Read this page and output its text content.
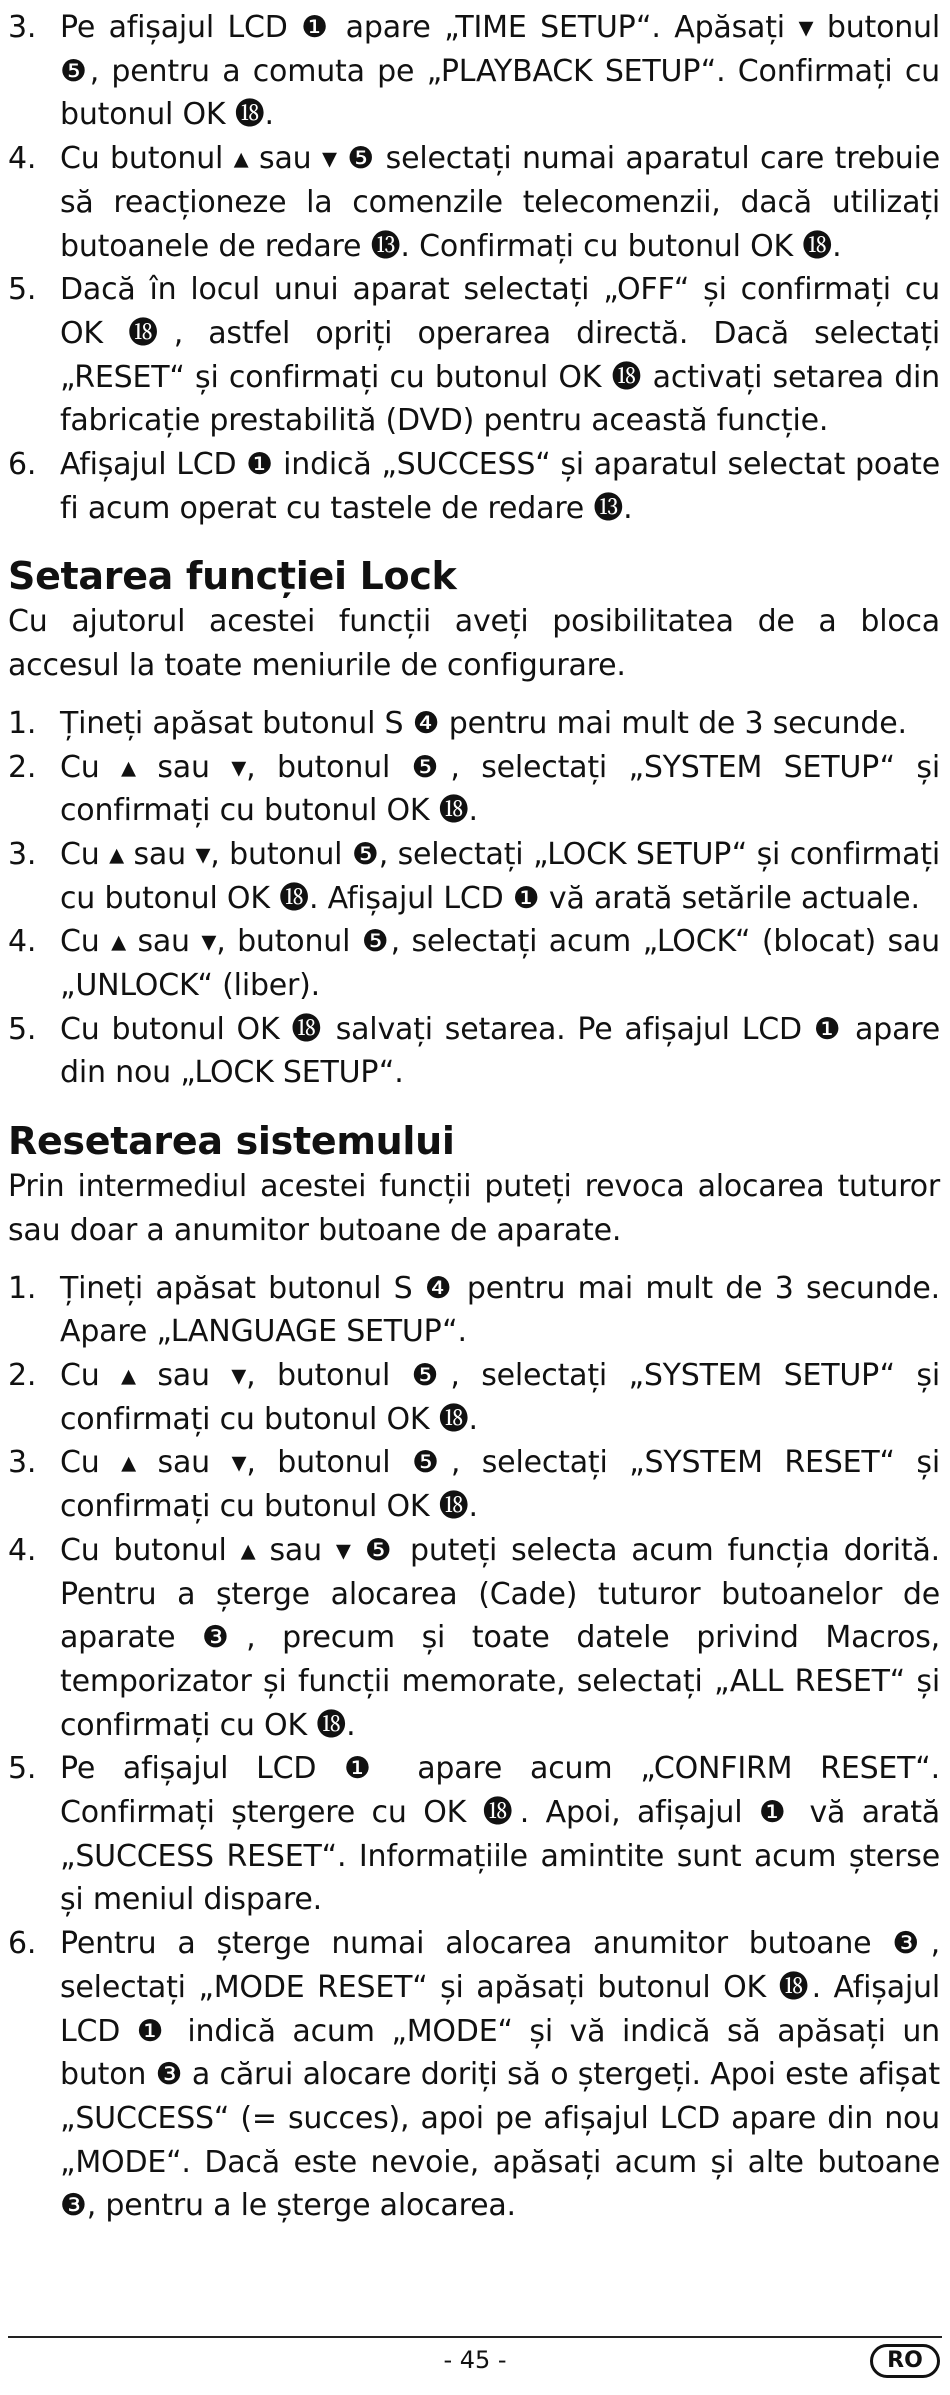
3. Pe afișajul LCD ❶ apare „TIME SETUP“. Apăsați ▾ butonul ❺, pentru a comuta pe „PLAYBACK SETUP“. Confirmați cu butonul OK ⓲.
4. Cu butonul ▴ sau ▾ ❺ selectați numai aparatul care trebuie să reacționeze la comenzile telecomenzii, dacă utilizați butoanele de redare ⓭. Confirmați cu butonul OK ⓲.
5. Dacă în locul unui aparat selectați „OFF“ și confirmați cu OK ⓲, astfel opriți operarea directă. Dacă selectați „RESET“ și confirmați cu butonul OK ⓲ activați setarea din fabricație prestabilită (DVD) pentru această funcție.
6. Afișajul LCD ❶ indică „SUCCESS“ și aparatul selectat poate fi acum operat cu tastele de redare ⓭.
Setarea funcției Lock
Cu ajutorul acestei funcții aveți posibilitatea de a bloca accesul la toate meniurile de configurare.
1. Țineți apăsat butonul S ❹ pentru mai mult de 3 secunde.
2. Cu ▴ sau ▾, butonul ❺, selectați „SYSTEM SETUP“ și confirmați cu butonul OK ⓲.
3. Cu ▴ sau ▾, butonul ❺, selectați „LOCK SETUP“ și confirmați cu butonul OK ⓲. Afișajul LCD ❶ vă arată setările actuale.
4. Cu ▴ sau ▾, butonul ❺, selectați acum „LOCK“ (blocat) sau „UNLOCK“ (liber).
5. Cu butonul OK ⓲ salvați setarea. Pe afișajul LCD ❶ apare din nou „LOCK SETUP“.
Resetarea sistemului
Prin intermediul acestei funcții puteți revoca alocarea tuturor sau doar a anumitor butoane de aparate.
1. Țineți apăsat butonul S ❹ pentru mai mult de 3 secunde. Apare „LANGUAGE SETUP“.
2. Cu ▴ sau ▾, butonul ❺, selectați „SYSTEM SETUP“ și confirmați cu butonul OK ⓲.
3. Cu ▴ sau ▾, butonul ❺, selectați „SYSTEM RESET“ și confirmați cu butonul OK ⓲.
4. Cu butonul ▴ sau ▾ ❺ puteți selecta acum funcția dorită. Pentru a șterge alocarea (Cade) tuturor butoanelor de aparate ❸, precum și toate datele privind Macros, temporizator și funcții memorate, selectați „ALL RESET“ și confirmați cu OK ⓲.
5. Pe afișajul LCD ❶ apare acum „CONFIRM RESET“. Confirmați ștergere cu OK ⓲. Apoi, afișajul ❶ vă arată „SUCCESS RESET“. Informațiile amintite sunt acum șterse și meniul dispare.
6. Pentru a șterge numai alocarea anumitor butoane ❸, selectați „MODE RESET“ și apăsați butonul OK ⓲. Afișajul LCD ❶ indică acum „MODE“ și vă indică să apăsați un buton ❸ a cărui alocare doriți să o ștergeți. Apoi este afișat „SUCCESS“ (= succes), apoi pe afișajul LCD apare din nou „MODE“. Dacă este nevoie, apăsați acum și alte butoane ❸, pentru a le șterge alocarea.
- 45 -	RO
